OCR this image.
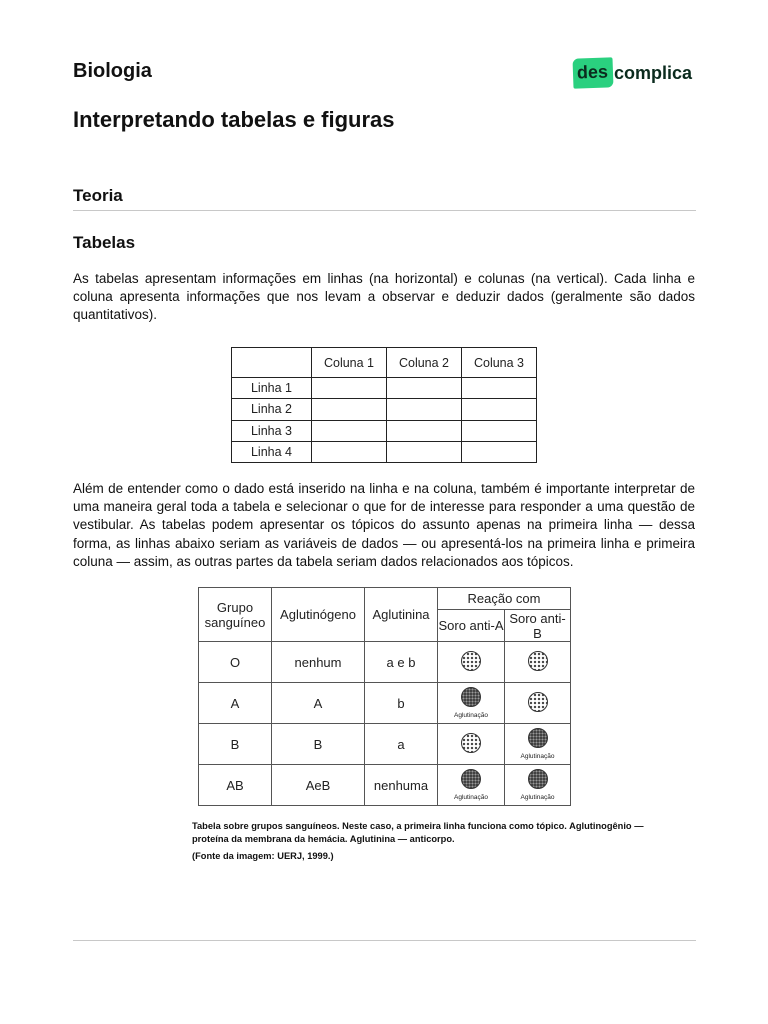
Biologia
Interpretando tabelas e figuras
des complica
Teoria
Tabelas
As tabelas apresentam informações em linhas (na horizontal) e colunas (na vertical). Cada linha e coluna apresenta informações que nos levam a observar e deduzir dados (geralmente são dados quantitativos).
	Coluna 1	Coluna 2	Coluna 3
Linha 1			
Linha 2			
Linha 3			
Linha 4			
Além de entender como o dado está inserido na linha e na coluna, também é importante interpretar de uma maneira geral toda a tabela e selecionar o que for de interesse para responder a uma questão de vestibular. As tabelas podem apresentar os tópicos do assunto apenas na primeira linha — dessa forma, as linhas abaixo seriam as variáveis de dados — ou apresentá-los na primeira linha e primeira coluna — assim, as outras partes da tabela seriam dados relacionados aos tópicos.
Grupo sanguíneo	Aglutinógeno	Aglutinina	Reação com	
			Soro anti-A	Soro anti-B
O	nenhum	a e b		
A	A	b	Aglutinação	

B	B	a		Aglutinação

AB	AeB	nenhuma	Aglutinação	Aglutinação
Tabela sobre grupos sanguíneos. Neste caso, a primeira linha funciona como tópico. Aglutinogênio — proteína da membrana da hemácia. Aglutinina — anticorpo.
(Fonte da imagem: UERJ, 1999.)
